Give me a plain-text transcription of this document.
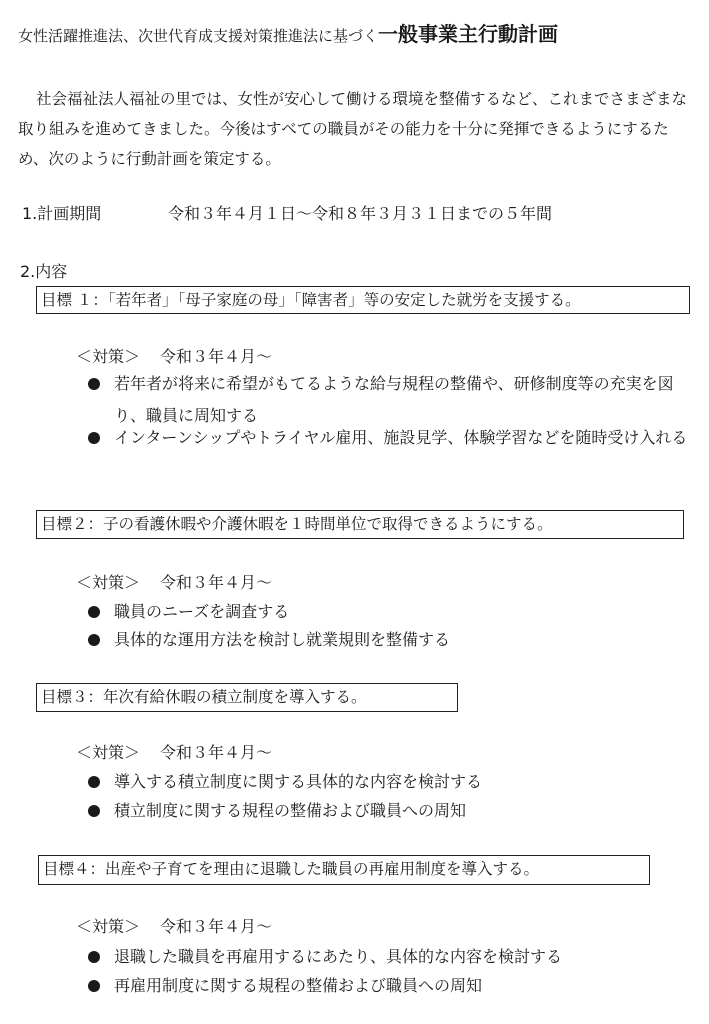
女性活躍推進法、次世代育成支援対策推進法に基づく一般事業主行動計画

社会福祉法人福祉の里では、女性が安心して働ける環境を整備するなど、これまでさまざまな取り組みを進めてきました。今後はすべての職員がその能力を十分に発揮できるようにするため、次のように行動計画を策定する。

1.計画期間	令和３年４月１日～令和８年３月３１日までの５年間
2.内容
目標 １：「若年者」「母子家庭の母」「障害者」等の安定した就労を支援する。
＜対策＞ 令和３年４月～
若年者が将来に希望がもてるような給与規程の整備や、研修制度等の充実を図り、職員に周知する
インターンシップやトライヤル雇用、施設見学、体験学習などを随時受け入れる
目標２：子の看護休暇や介護休暇を１時間単位で取得できるようにする。
＜対策＞ 令和３年４月～
職員のニーズを調査する
具体的な運用方法を検討し就業規則を整備する
目標３：年次有給休暇の積立制度を導入する。
＜対策＞ 令和３年４月～
導入する積立制度に関する具体的な内容を検討する
積立制度に関する規程の整備および職員への周知
目標４：出産や子育てを理由に退職した職員の再雇用制度を導入する。
＜対策＞ 令和３年４月～
退職した職員を再雇用するにあたり、具体的な内容を検討する
再雇用制度に関する規程の整備および職員への周知
